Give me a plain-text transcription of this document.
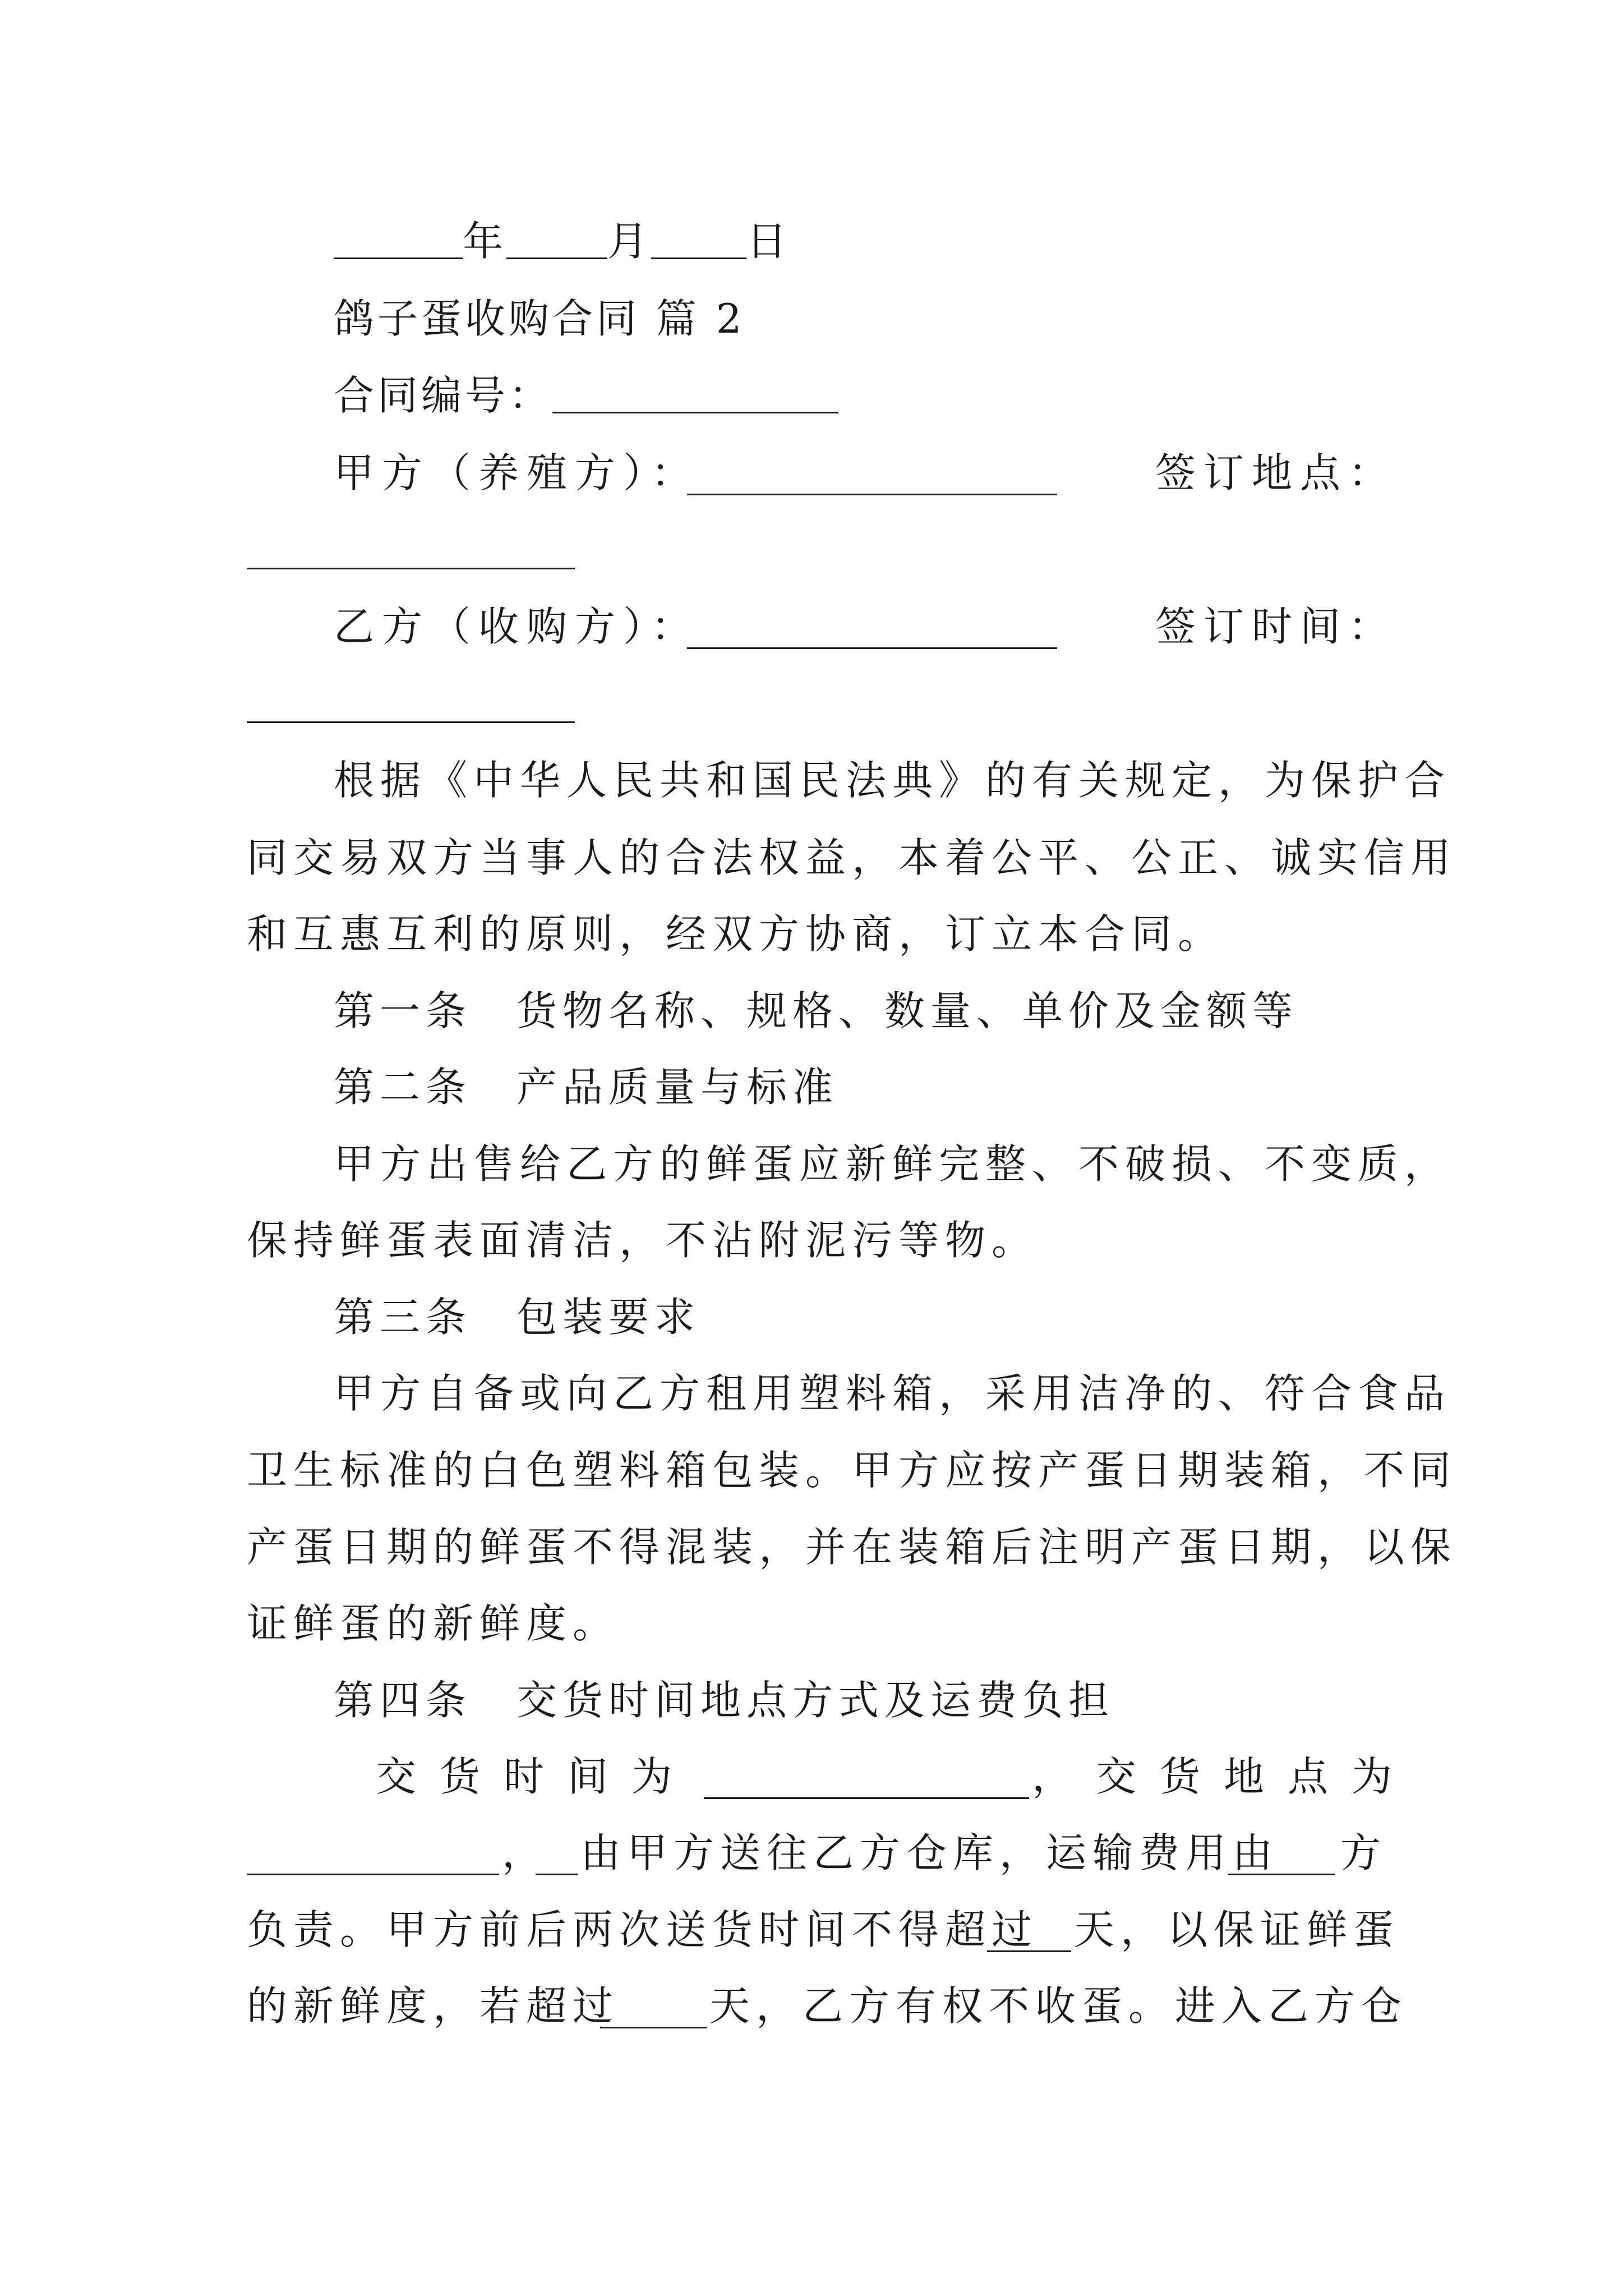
年	月 日
鸽子蛋收购合同 篇 2
合同编号：
甲方（养殖方）：	签订地点：
乙方（收购方）：	签订时间：
根据《中华人民共和国民法典》的有关规定，为保护合
同交易双方当事人的合法权益，本着公平、公正、诚实信用
和互惠互利的原则，经双方协商，订立本合同。
第一条 货物名称、规格、数量、单价及金额等
第二条 产品质量与标准
甲方出售给乙方的鲜蛋应新鲜完整、不破损、不变质，
保持鲜蛋表面清洁，不沾附泥污等物。
第三条 包装要求
甲方自备或向乙方租用塑料箱，采用洁净的、符合食品
卫生标准的白色塑料箱包装。甲方应按产蛋日期装箱，不同
产蛋日期的鲜蛋不得混装，并在装箱后注明产蛋日期，以保
证鲜蛋的新鲜度。
第四条 交货时间地点方式及运费负担
交货时间为	，交货地点为
， 由甲方送往乙方仓库，运输费用由 方
负责。甲方前后两次送货时间不得超过 天，以保证鲜蛋
的新鲜度，若超过 天，乙方有权不收蛋。进入乙方仓
